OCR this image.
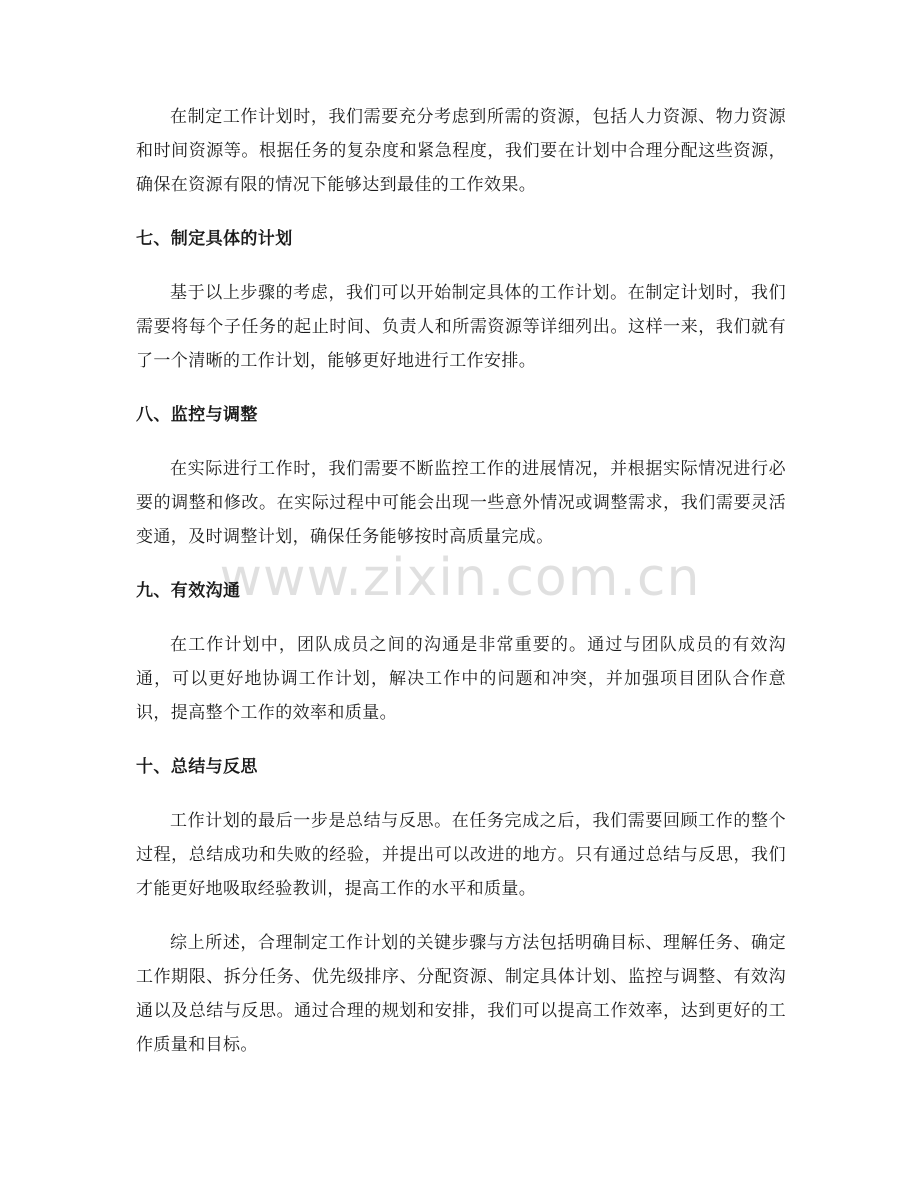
在制定工作计划时，我们需要充分考虑到所需的资源，包括人力资源、物力资源和时间资源等。根据任务的复杂度和紧急程度，我们要在计划中合理分配这些资源，确保在资源有限的情况下能够达到最佳的工作效果。

七、制定具体的计划

基于以上步骤的考虑，我们可以开始制定具体的工作计划。在制定计划时，我们需要将每个子任务的起止时间、负责人和所需资源等详细列出。这样一来，我们就有了一个清晰的工作计划，能够更好地进行工作安排。

八、监控与调整

在实际进行工作时，我们需要不断监控工作的进展情况，并根据实际情况进行必要的调整和修改。在实际过程中可能会出现一些意外情况或调整需求，我们需要灵活变通，及时调整计划，确保任务能够按时高质量完成。

九、有效沟通

在工作计划中，团队成员之间的沟通是非常重要的。通过与团队成员的有效沟通，可以更好地协调工作计划，解决工作中的问题和冲突，并加强项目团队合作意识，提高整个工作的效率和质量。

十、总结与反思

工作计划的最后一步是总结与反思。在任务完成之后，我们需要回顾工作的整个过程，总结成功和失败的经验，并提出可以改进的地方。只有通过总结与反思，我们才能更好地吸取经验教训，提高工作的水平和质量。

综上所述，合理制定工作计划的关键步骤与方法包括明确目标、理解任务、确定工作期限、拆分任务、优先级排序、分配资源、制定具体计划、监控与调整、有效沟通以及总结与反思。通过合理的规划和安排，我们可以提高工作效率，达到更好的工作质量和目标。

www.zixin.com.cn
